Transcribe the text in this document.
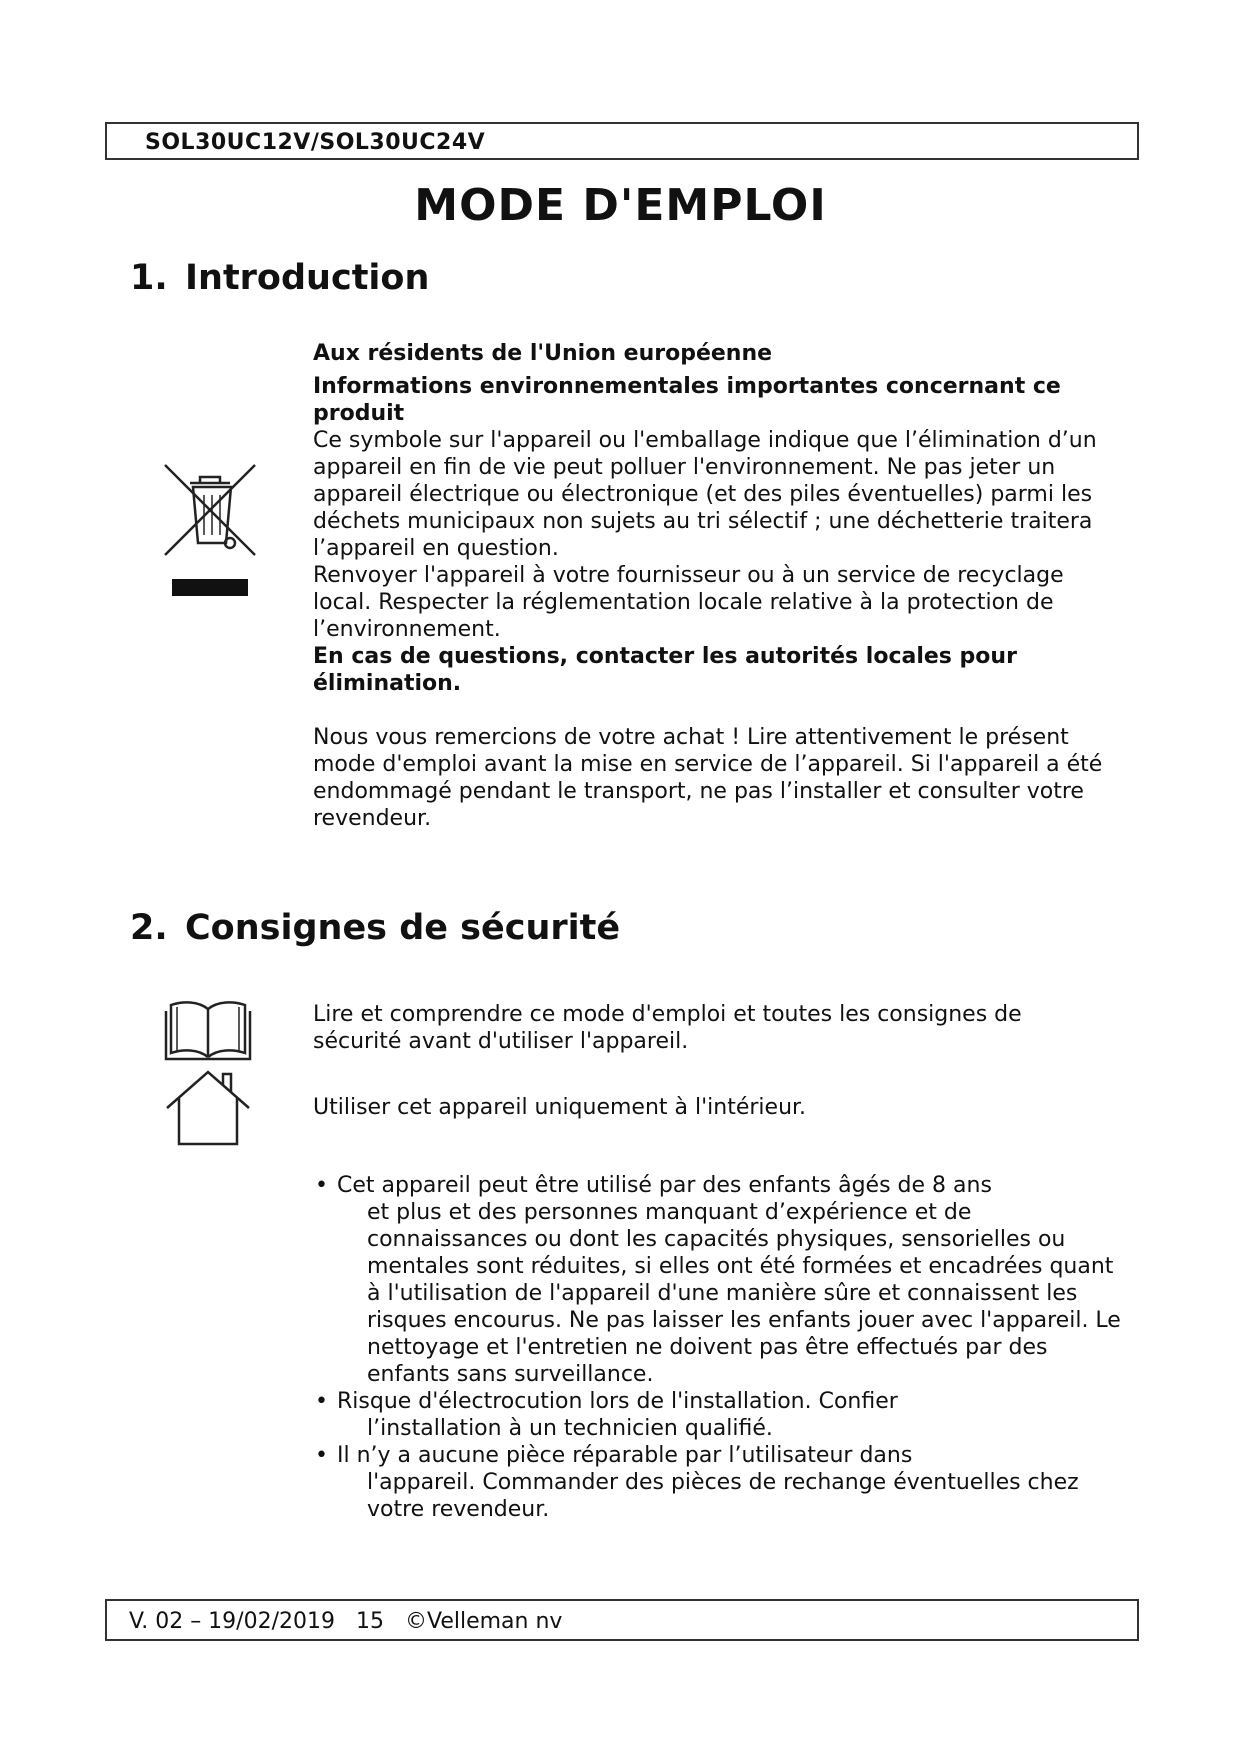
SOL30UC12V/SOL30UC24V
MODE D'EMPLOI
1. Introduction

Aux résidents de l'Union européenne

Informations environnementales importantes concernant ce produit

Ce symbole sur l'appareil ou l'emballage indique que l’élimination d’un appareil en fin de vie peut polluer l'environnement. Ne pas jeter un appareil électrique ou électronique (et des piles éventuelles) parmi les déchets municipaux non sujets au tri sélectif ; une déchetterie traitera l’appareil en question.

Renvoyer l'appareil à votre fournisseur ou à un service de recyclage local. Respecter la réglementation locale relative à la protection de l’environnement.

En cas de questions, contacter les autorités locales pour élimination.

Nous vous remercions de votre achat ! Lire attentivement le présent mode d'emploi avant la mise en service de l’appareil. Si l'appareil a été endommagé pendant le transport, ne pas l’installer et consulter votre revendeur.

2. Consignes de sécurité

Lire et comprendre ce mode d'emploi et toutes les consignes de sécurité avant d'utiliser l'appareil.

Utiliser cet appareil uniquement à l'intérieur.

• Cet appareil peut être utilisé par des enfants âgés de 8 ans
et plus et des personnes manquant d’expérience et de connaissances ou dont les capacités physiques, sensorielles ou mentales sont réduites, si elles ont été formées et encadrées quant à l'utilisation de l'appareil d'une manière sûre et connaissent les risques encourus. Ne pas laisser les enfants jouer avec l'appareil. Le nettoyage et l'entretien ne doivent pas être effectués par des enfants sans surveillance.
• Risque d'électrocution lors de l'installation. Confier
l’installation à un technicien qualifié.
• Il n’y a aucune pièce réparable par l’utilisateur dans
l'appareil. Commander des pièces de rechange éventuelles chez votre revendeur.
V. 02 – 19/02/2019 15 ©Velleman nv
